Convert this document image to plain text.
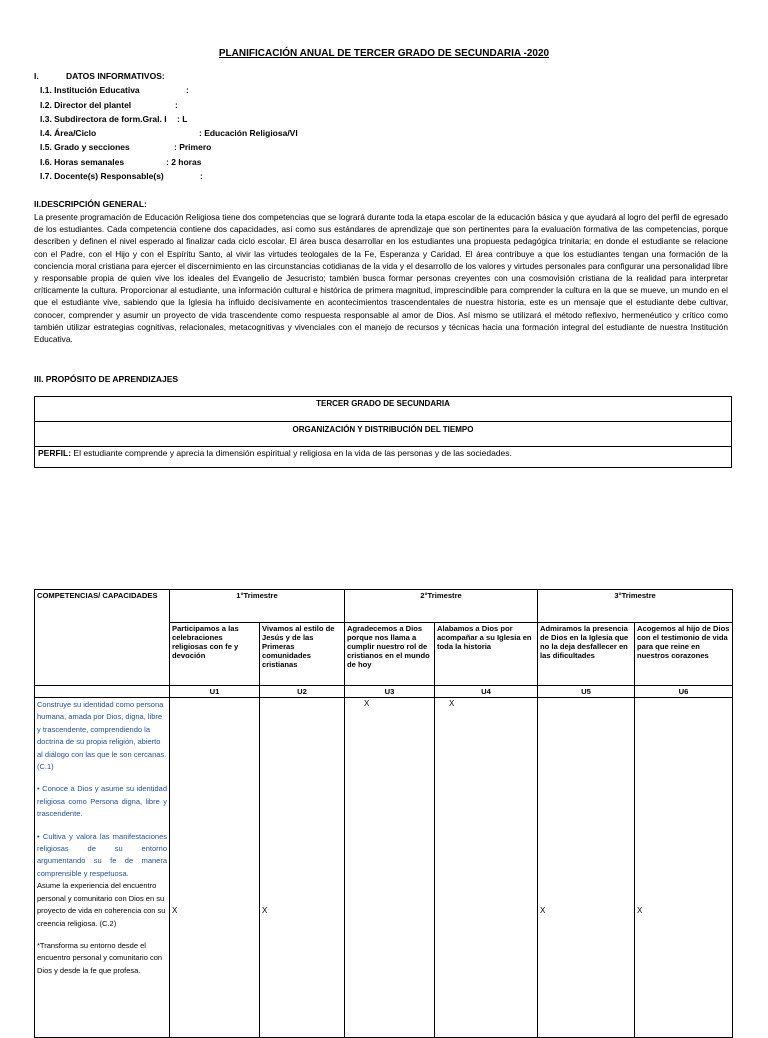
PLANIFICACIÓN ANUAL DE TERCER GRADO DE SECUNDARIA -2020
I.	DATOS INFORMATIVOS:
I.1. Institución Educativa	:
I.2. Director del plantel	:
I.3. Subdirectora de form.Gral. I : L
I.4. Área/Ciclo	: Educación Religiosa/VI
I.5. Grado y secciones	: Primero
I.6. Horas semanales	: 2 horas
I.7. Docente(s) Responsable(s)	:
II.DESCRIPCIÓN GENERAL:
La presente programación de Educación Religiosa tiene dos competencias que se logrará durante toda la etapa escolar de la educación básica y que ayudará al logro del perfil de egresado de los estudiantes. Cada competencia contiene dos capacidades, así como sus estándares de aprendizaje que son pertinentes para la evaluación formativa de las competencias, porque describen y definen el nivel esperado al finalizar cada ciclo escolar. El área busca desarrollar en los estudiantes una propuesta pedagógica trinitaria; en donde el estudiante se relacione con el Padre, con el Hijo y con el Espíritu Santo, al vivir las virtudes teologales de la Fe, Esperanza y Caridad. El área contribuye a que los estudiantes tengan una formación de la conciencia moral cristiana para ejercer el discernimiento en las circunstancias cotidianas de la vida y el desarrollo de los valores y virtudes personales para configurar una personalidad libre y responsable propia de quien vive los ideales del Evangelio de Jesucristo; también busca formar personas creyentes con una cosmovisión cristiana de la realidad para interpretar críticamente la cultura. Proporcionar al estudiante, una información cultural e histórica de primera magnitud, imprescindible para comprender la cultura en la que se mueve, un mundo en el que el estudiante vive, sabiendo que la Iglesia ha influido decisivamente en acontecimientos trascendentales de nuestra historia, este es un mensaje que el estudiante debe cultivar, conocer, comprender y asumir un proyecto de vida trascendente como respuesta responsable al amor de Dios. Así mismo se utilizará el método reflexivo, hermenéutico y crítico como también utilizar estrategias cognitivas, relacionales, metacognitivas y vivenciales con el manejo de recursos y técnicas hacia una formación integral del estudiante de nuestra Institución Educativa.
III. PROPÓSITO DE APRENDIZAJES
TERCER GRADO DE SECUNDARIA
ORGANIZACIÓN Y DISTRIBUCIÓN DEL TIEMPO
PERFIL: El estudiante comprende y aprecia la dimensión espiritual y religiosa en la vida de las personas y de las sociedades.
COMPETENCIAS/ CAPACIDADES	1°Trimestre		2°Trimestre		3°Trimestre	
	Participamos a las celebraciones religiosas con fe y devoción	Vivamos al estilo de Jesús y de las Primeras comunidades cristianas	Agradecemos a Dios porque nos llama a cumplir nuestro rol de cristianos en el mundo de hoy	Alabamos a Dios por acompañar a su Iglesia en toda la historia	Admiramos la presencia de Dios en la Iglesia que no la deja desfallecer en las dificultades	Acogemos al hijo de Dios con el testimonio de vida para que reine en nuestros corazones
	U1	U2	U3	U4	U5	U6

Construye su identidad como persona humana, amada por Dios, digna, libre y trascendente, comprendiendo la doctrina de su propia religión, abierto al diálogo con las que le son cercanas. (C.1)
• Conoce a Dios y asume su identidad religiosa como Persona digna, libre y trascendente.
• Cultiva y valora las manifestaciones religiosas de su entorno argumentando su fe de manera comprensible y respetuosa.
Asume la experiencia del encuentro personal y comunitario con Dios en su proyecto de vida en coherencia con su creencia religiosa. (C.2)
*Transforma su entorno desde el encuentro personal y comunitario con Dios y desde la fe que profesa.	X	X	X	X	X	X
